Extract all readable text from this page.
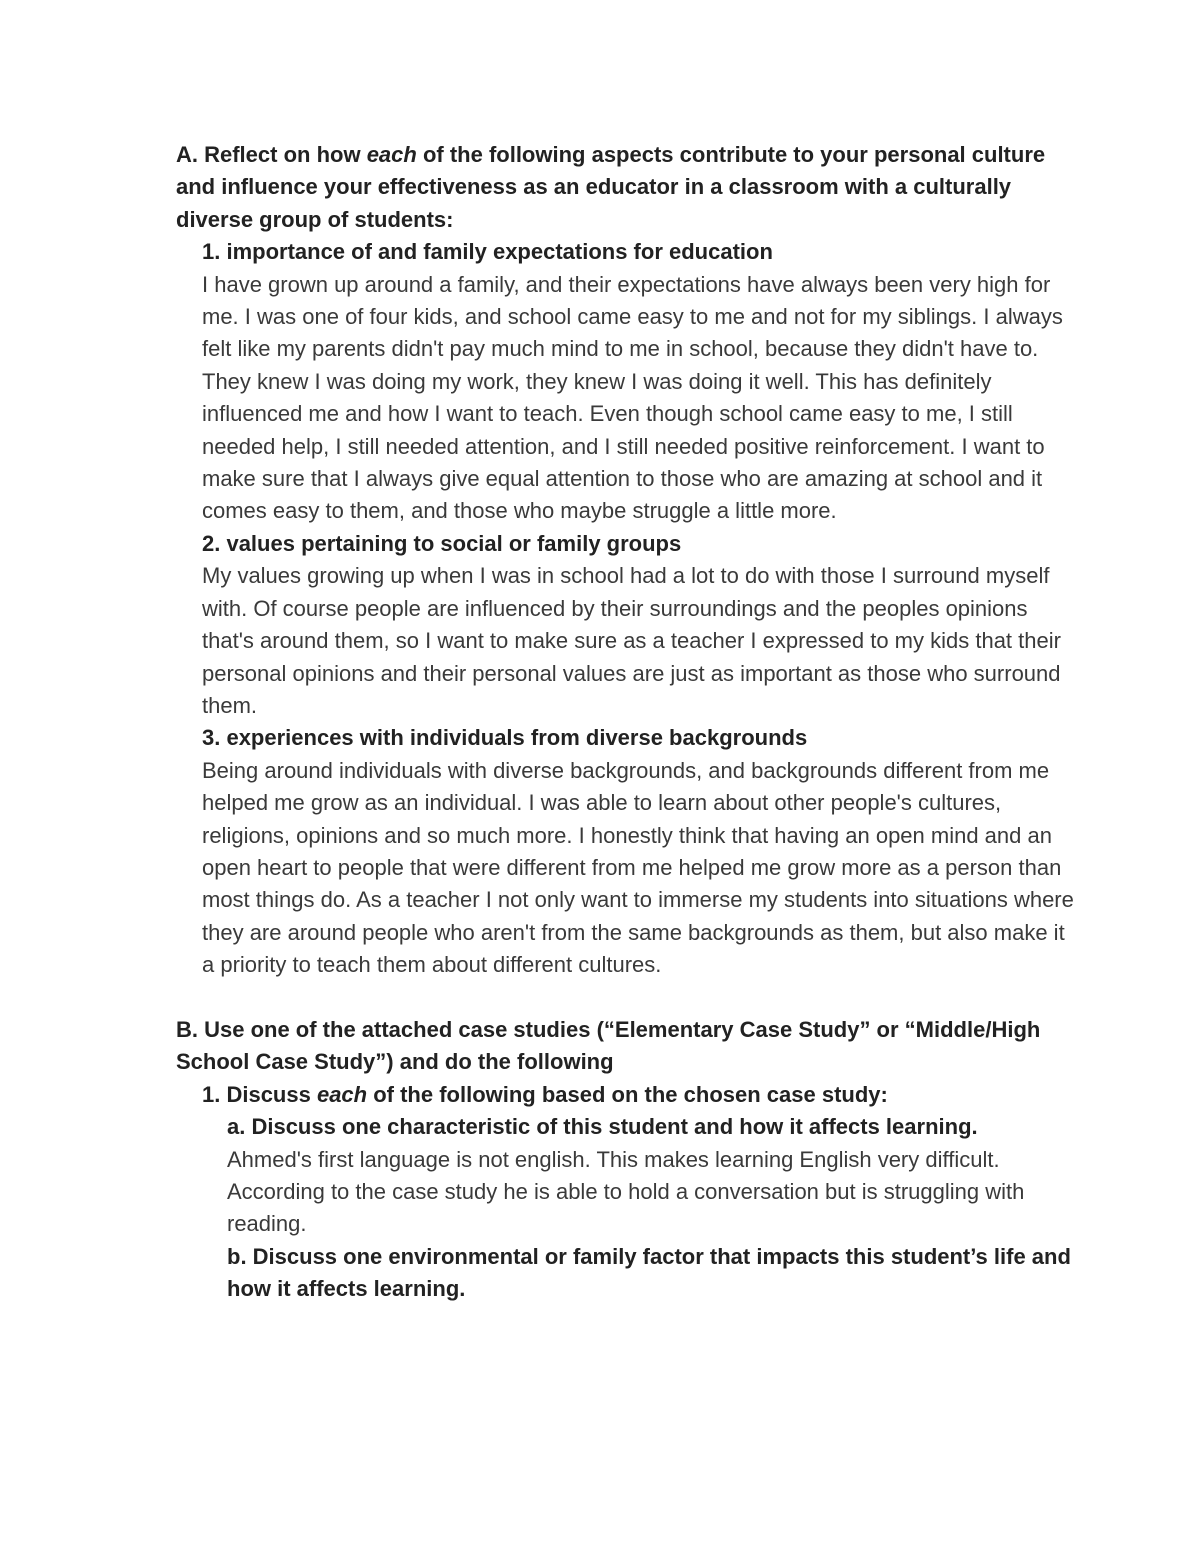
A. Reflect on how each of the following aspects contribute to your personal culture and influence your effectiveness as an educator in a classroom with a culturally diverse group of students:

1. importance of and family expectations for education

I have grown up around a family, and their expectations have always been very high for me. I was one of four kids, and school came easy to me and not for my siblings. I always felt like my parents didn't pay much mind to me in school, because they didn't have to. They knew I was doing my work, they knew I was doing it well. This has definitely influenced me and how I want to teach. Even though school came easy to me, I still needed help, I still needed attention, and I still needed positive reinforcement. I want to make sure that I always give equal attention to those who are amazing at school and it comes easy to them, and those who maybe struggle a little more.

2. values pertaining to social or family groups

My values growing up when I was in school had a lot to do with those I surround myself with. Of course people are influenced by their surroundings and the peoples opinions that's around them, so I want to make sure as a teacher I expressed to my kids that their personal opinions and their personal values are just as important as those who surround them.

3. experiences with individuals from diverse backgrounds

Being around individuals with diverse backgrounds, and backgrounds different from me helped me grow as an individual. I was able to learn about other people's cultures, religions, opinions and so much more. I honestly think that having an open mind and an open heart to people that were different from me helped me grow more as a person than most things do. As a teacher I not only want to immerse my students into situations where they are around people who aren't from the same backgrounds as them, but also make it a priority to teach them about different cultures.

B. Use one of the attached case studies (“Elementary Case Study” or “Middle/High School Case Study”) and do the following

1. Discuss each of the following based on the chosen case study:

a. Discuss one characteristic of this student and how it affects learning.

Ahmed's first language is not english. This makes learning English very difficult. According to the case study he is able to hold a conversation but is struggling with reading.

b. Discuss one environmental or family factor that impacts this student’s life and how it affects learning.
